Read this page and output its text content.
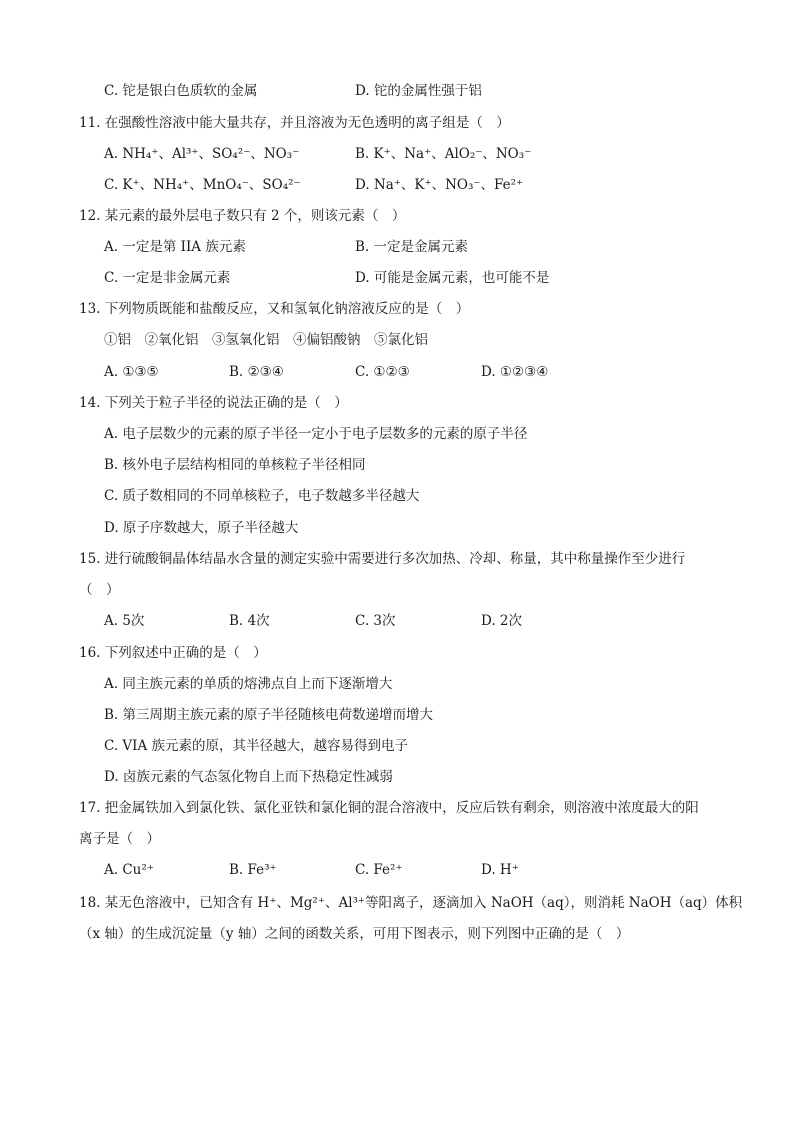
C. 铊是银白色质软的金属	D. 铊的金属性强于铝
11. 在强酸性溶液中能大量共存，并且溶液为无色透明的离子组是（　）
A. NH₄⁺、Al³⁺、SO₄²⁻、NO₃⁻	B. K⁺、Na⁺、AlO₂⁻、NO₃⁻
C. K⁺、NH₄⁺、MnO₄⁻、SO₄²⁻	D. Na⁺、K⁺、NO₃⁻、Fe²⁺
12. 某元素的最外层电子数只有 2 个，则该元素（　）
A. 一定是第 IIA 族元素	B. 一定是金属元素
C. 一定是非金属元素	D. 可能是金属元素，也可能不是
13. 下列物质既能和盐酸反应，又和氢氧化钠溶液反应的是（　）
①铝　②氧化铝　③氢氧化铝　④偏铝酸钠　⑤氯化铝
A. ①③⑤	B. ②③④	C. ①②③	D. ①②③④
14. 下列关于粒子半径的说法正确的是（　）
A. 电子层数少的元素的原子半径一定小于电子层数多的元素的原子半径
B. 核外电子层结构相同的单核粒子半径相同
C. 质子数相同的不同单核粒子，电子数越多半径越大
D. 原子序数越大，原子半径越大
15. 进行硫酸铜晶体结晶水含量的测定实验中需要进行多次加热、冷却、称量，其中称量操作至少进行
（　）
A. 5次	B. 4次	C. 3次	D. 2次
16. 下列叙述中正确的是（　）
A. 同主族元素的单质的熔沸点自上而下逐渐增大
B. 第三周期主族元素的原子半径随核电荷数递增而增大
C. VIA 族元素的原，其半径越大，越容易得到电子
D. 卤族元素的气态氢化物自上而下热稳定性减弱
17. 把金属铁加入到氯化铁、氯化亚铁和氯化铜的混合溶液中，反应后铁有剩余，则溶液中浓度最大的阳
离子是（　）
A. Cu²⁺	B. Fe³⁺	C. Fe²⁺	D. H⁺
18. 某无色溶液中，已知含有 H⁺、Mg²⁺、Al³⁺等阳离子，逐滴加入 NaOH（aq），则消耗 NaOH（aq）体积
（x 轴）的生成沉淀量（y 轴）之间的函数关系，可用下图表示，则下列图中正确的是（　）
